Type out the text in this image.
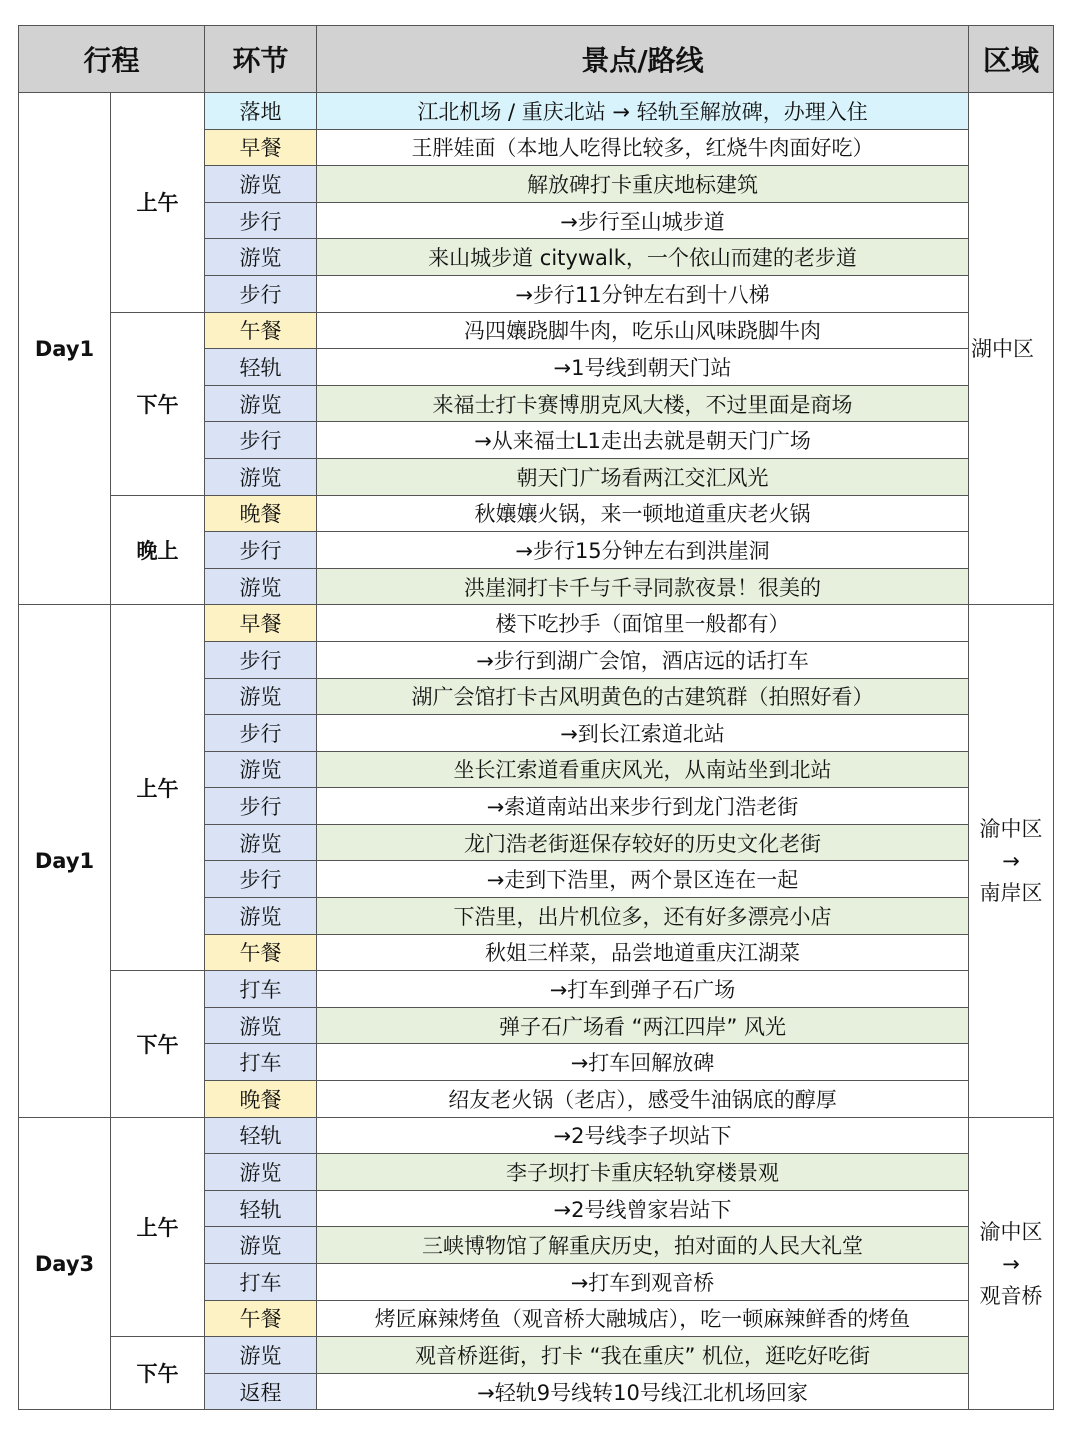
行程		环节	景点/路线	区域
Day1	上午	落地	江北机场 / 重庆北站 → 轻轨至解放碑，办理入住	湖中区

		早餐	王胖娃面（本地人吃得比较多，红烧牛肉面好吃）	
		游览	解放碑打卡重庆地标建筑	
		步行	→步行至山城步道	
		游览	来山城步道 citywalk，一个依山而建的老步道	
		步行	→步行11分钟左右到十八梯	
	下午	午餐	冯四孃跷脚牛肉，吃乐山风味跷脚牛肉	
		轻轨	→1号线到朝天门站	
		游览	来福士打卡赛博朋克风大楼，不过里面是商场	
		步行	→从来福士L1走出去就是朝天门广场	
		游览	朝天门广场看两江交汇风光	
	晚上	晚餐	秋孃孃火锅，来一顿地道重庆老火锅	
		步行	→步行15分钟左右到洪崖洞	
		游览	洪崖洞打卡千与千寻同款夜景！很美的	
Day1	上午	早餐	楼下吃抄手（面馆里一般都有）	渝中区
→
南岸区

		步行	→步行到湖广会馆，酒店远的话打车	
		游览	湖广会馆打卡古风明黄色的古建筑群（拍照好看）	
		步行	→到长江索道北站	
		游览	坐长江索道看重庆风光，从南站坐到北站	
		步行	→索道南站出来步行到龙门浩老街	
		游览	龙门浩老街逛保存较好的历史文化老街	
		步行	→走到下浩里，两个景区连在一起	
		游览	下浩里，出片机位多，还有好多漂亮小店	
		午餐	秋姐三样菜，品尝地道重庆江湖菜	
	下午	打车	→打车到弹子石广场	
		游览	弹子石广场看 “两江四岸” 风光	
		打车	→打车回解放碑	
		晚餐	绍友老火锅（老店），感受牛油锅底的醇厚	
Day3	上午	轻轨	→2号线李子坝站下	渝中区
→
观音桥

		游览	李子坝打卡重庆轻轨穿楼景观	
		轻轨	→2号线曾家岩站下	
		游览	三峡博物馆了解重庆历史，拍对面的人民大礼堂	
		打车	→打车到观音桥	
		午餐	烤匠麻辣烤鱼（观音桥大融城店），吃一顿麻辣鲜香的烤鱼	
	下午	游览	观音桥逛街，打卡 “我在重庆” 机位，逛吃好吃街	
		返程	→轻轨9号线转10号线江北机场回家	
